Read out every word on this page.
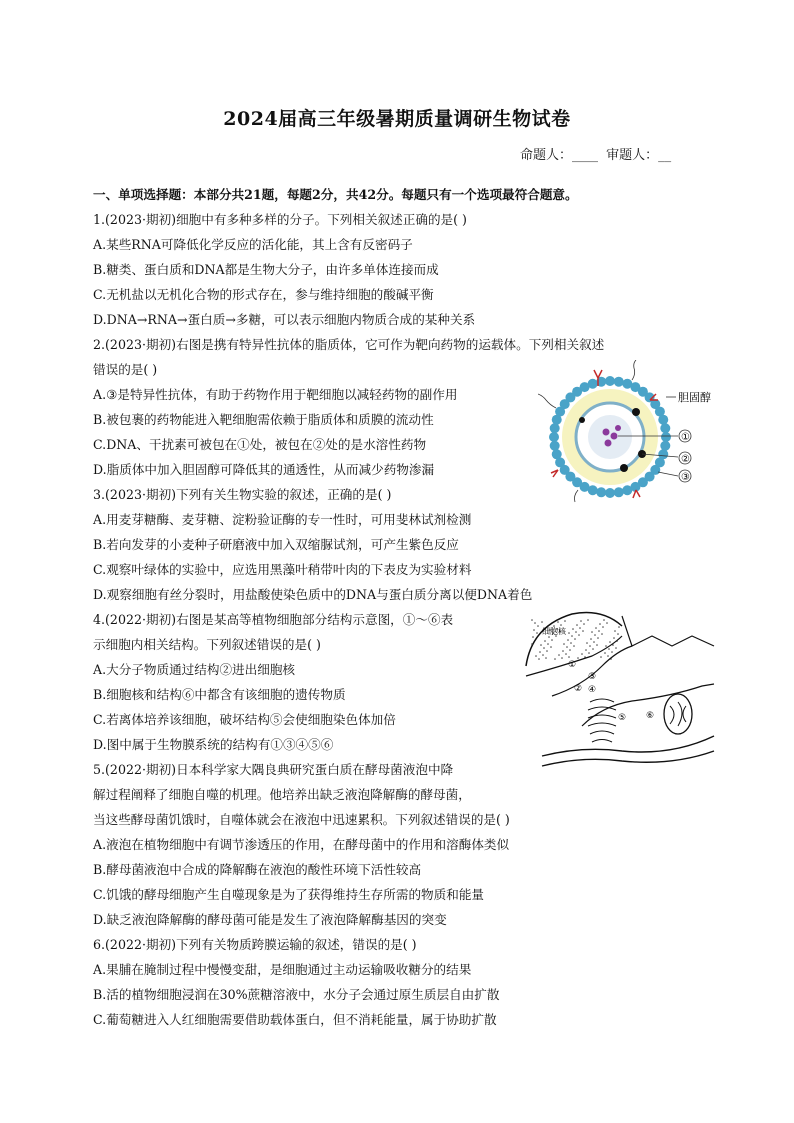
2024届高三年级暑期质量调研生物试卷
命题人：____ 审题人：__
一、单项选择题：本部分共21题，每题2分，共42分。每题只有一个选项最符合题意。
1.(2023·期初)细胞中有多种多样的分子。下列相关叙述正确的是( )
A.某些RNA可降低化学反应的活化能，其上含有反密码子
B.糖类、蛋白质和DNA都是生物大分子，由许多单体连接而成
C.无机盐以无机化合物的形式存在，参与维持细胞的酸碱平衡
D.DNA→RNA→蛋白质→多糖，可以表示细胞内物质合成的某种关系
2.(2023·期初)右图是携有特异性抗体的脂质体，它可作为靶向药物的运载体。下列相关叙述
错误的是( )
A.③是特异性抗体，有助于药物作用于靶细胞以减轻药物的副作用
B.被包裹的药物能进入靶细胞需依赖于脂质体和质膜的流动性
C.DNA、干扰素可被包在①处，被包在②处的是水溶性药物
D.脂质体中加入胆固醇可降低其的通透性，从而减少药物渗漏
胆固醇
①
②
③
3.(2023·期初)下列有关生物实验的叙述，正确的是( )
A.用麦芽糖酶、麦芽糖、淀粉验证酶的专一性时，可用斐林试剂检测
B.若向发芽的小麦种子研磨液中加入双缩脲试剂，可产生紫色反应
C.观察叶绿体的实验中，应选用黑藻叶稍带叶肉的下表皮为实验材料
D.观察细胞有丝分裂时，用盐酸使染色质中的DNA与蛋白质分离以便DNA着色
4.(2022·期初)右图是某高等植物细胞部分结构示意图，①～⑥表
示细胞内相关结构。下列叙述错误的是( )
A.大分子物质通过结构②进出细胞核
B.细胞核和结构⑥中都含有该细胞的遗传物质
C.若离体培养该细胞，破坏结构⑤会使细胞染色体加倍
D.图中属于生物膜系统的结构有①③④⑤⑥
细胞核
①
②
③
④
⑤ ⑥
5.(2022·期初)日本科学家大隅良典研究蛋白质在酵母菌液泡中降
解过程阐释了细胞自噬的机理。他培养出缺乏液泡降解酶的酵母菌，
当这些酵母菌饥饿时，自噬体就会在液泡中迅速累积。下列叙述错误的是( )
A.液泡在植物细胞中有调节渗透压的作用，在酵母菌中的作用和溶酶体类似
B.酵母菌液泡中合成的降解酶在液泡的酸性环境下活性较高
C.饥饿的酵母细胞产生自噬现象是为了获得维持生存所需的物质和能量
D.缺乏液泡降解酶的酵母菌可能是发生了液泡降解酶基因的突变
6.(2022·期初)下列有关物质跨膜运输的叙述，错误的是( )
A.果脯在腌制过程中慢慢变甜，是细胞通过主动运输吸收糖分的结果
B.活的植物细胞浸润在30%蔗糖溶液中，水分子会通过原生质层自由扩散
C.葡萄糖进入人红细胞需要借助载体蛋白，但不消耗能量，属于协助扩散
